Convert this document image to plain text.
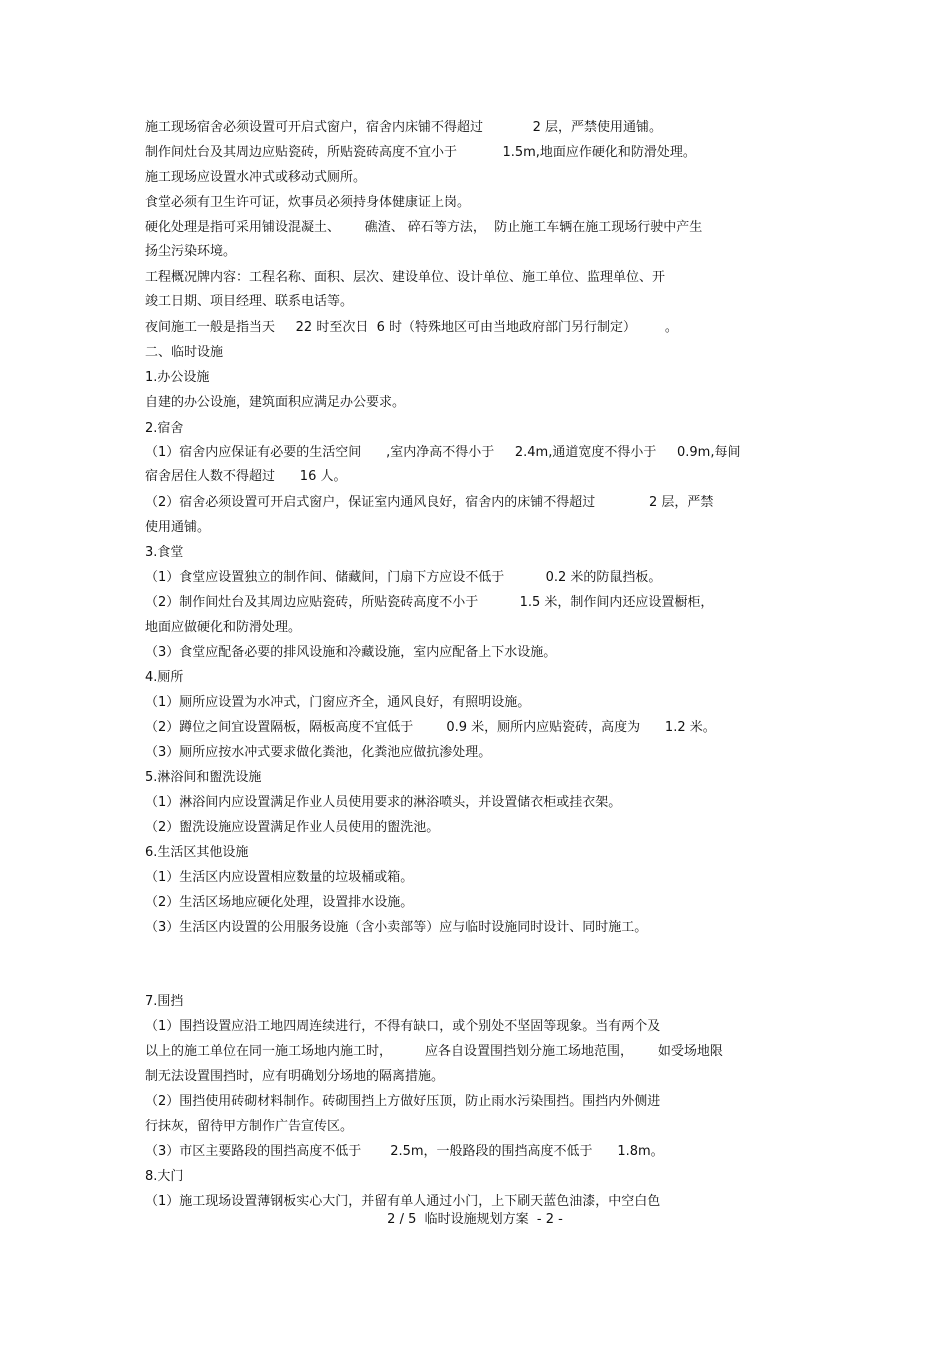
施工现场宿舍必须设置可开启式窗户，宿舍内床铺不得超过            2 层，严禁使用通铺。
制作间灶台及其周边应贴瓷砖，所贴瓷砖高度不宜小于           1.5m,地面应作硬化和防滑处理。
施工现场应设置水冲式或移动式厕所。
食堂必须有卫生许可证，炊事员必须持身体健康证上岗。
硬化处理是指可采用铺设混凝土、      礁渣、 碎石等方法，  防止施工车辆在施工现场行驶中产生
扬尘污染环境。
工程概况牌内容：工程名称、面积、层次、建设单位、设计单位、施工单位、监理单位、开
竣工日期、项目经理、联系电话等。
夜间施工一般是指当天     22 时至次日  6 时（特殊地区可由当地政府部门另行制定）       。
二、临时设施
1.办公设施
自建的办公设施，建筑面积应满足办公要求。
2.宿舍
（1）宿舍内应保证有必要的生活空间      ,室内净高不得小于     2.4m,通道宽度不得小于     0.9m,每间
宿舍居住人数不得超过      16 人。
（2）宿舍必须设置可开启式窗户，保证室内通风良好，宿舍内的床铺不得超过             2 层，严禁
使用通铺。
3.食堂
（1）食堂应设置独立的制作间、储藏间，门扇下方应设不低于          0.2 米的防鼠挡板。
（2）制作间灶台及其周边应贴瓷砖，所贴瓷砖高度不小于          1.5 米，制作间内还应设置橱柜，
地面应做硬化和防滑处理。
（3）食堂应配备必要的排风设施和冷藏设施，室内应配备上下水设施。
4.厕所
（1）厕所应设置为水冲式，门窗应齐全，通风良好，有照明设施。
（2）蹲位之间宜设置隔板，隔板高度不宜低于        0.9 米，厕所内应贴瓷砖，高度为      1.2 米。
（3）厕所应按水冲式要求做化粪池，化粪池应做抗渗处理。
5.淋浴间和盥洗设施
（1）淋浴间内应设置满足作业人员使用要求的淋浴喷头，并设置储衣柜或挂衣架。
（2）盥洗设施应设置满足作业人员使用的盥洗池。
6.生活区其他设施
（1）生活区内应设置相应数量的垃圾桶或箱。
（2）生活区场地应硬化处理，设置排水设施。
（3）生活区内设置的公用服务设施（含小卖部等）应与临时设施同时设计、同时施工。
7.围挡
（1）围挡设置应沿工地四周连续进行，不得有缺口，或个别处不坚固等现象。当有两个及
以上的施工单位在同一施工场地内施工时，        应各自设置围挡划分施工场地范围，      如受场地限
制无法设置围挡时，应有明确划分场地的隔离措施。
（2）围挡使用砖砌材料制作。砖砌围挡上方做好压顶，防止雨水污染围挡。围挡内外侧进
行抹灰，留待甲方制作广告宣传区。
（3）市区主要路段的围挡高度不低于       2.5m，一般路段的围挡高度不低于      1.8m。
8.大门
（1）施工现场设置薄钢板实心大门，并留有单人通过小门，上下刷天蓝色油漆，中空白色
2 / 5  临时设施规划方案  - 2 -
